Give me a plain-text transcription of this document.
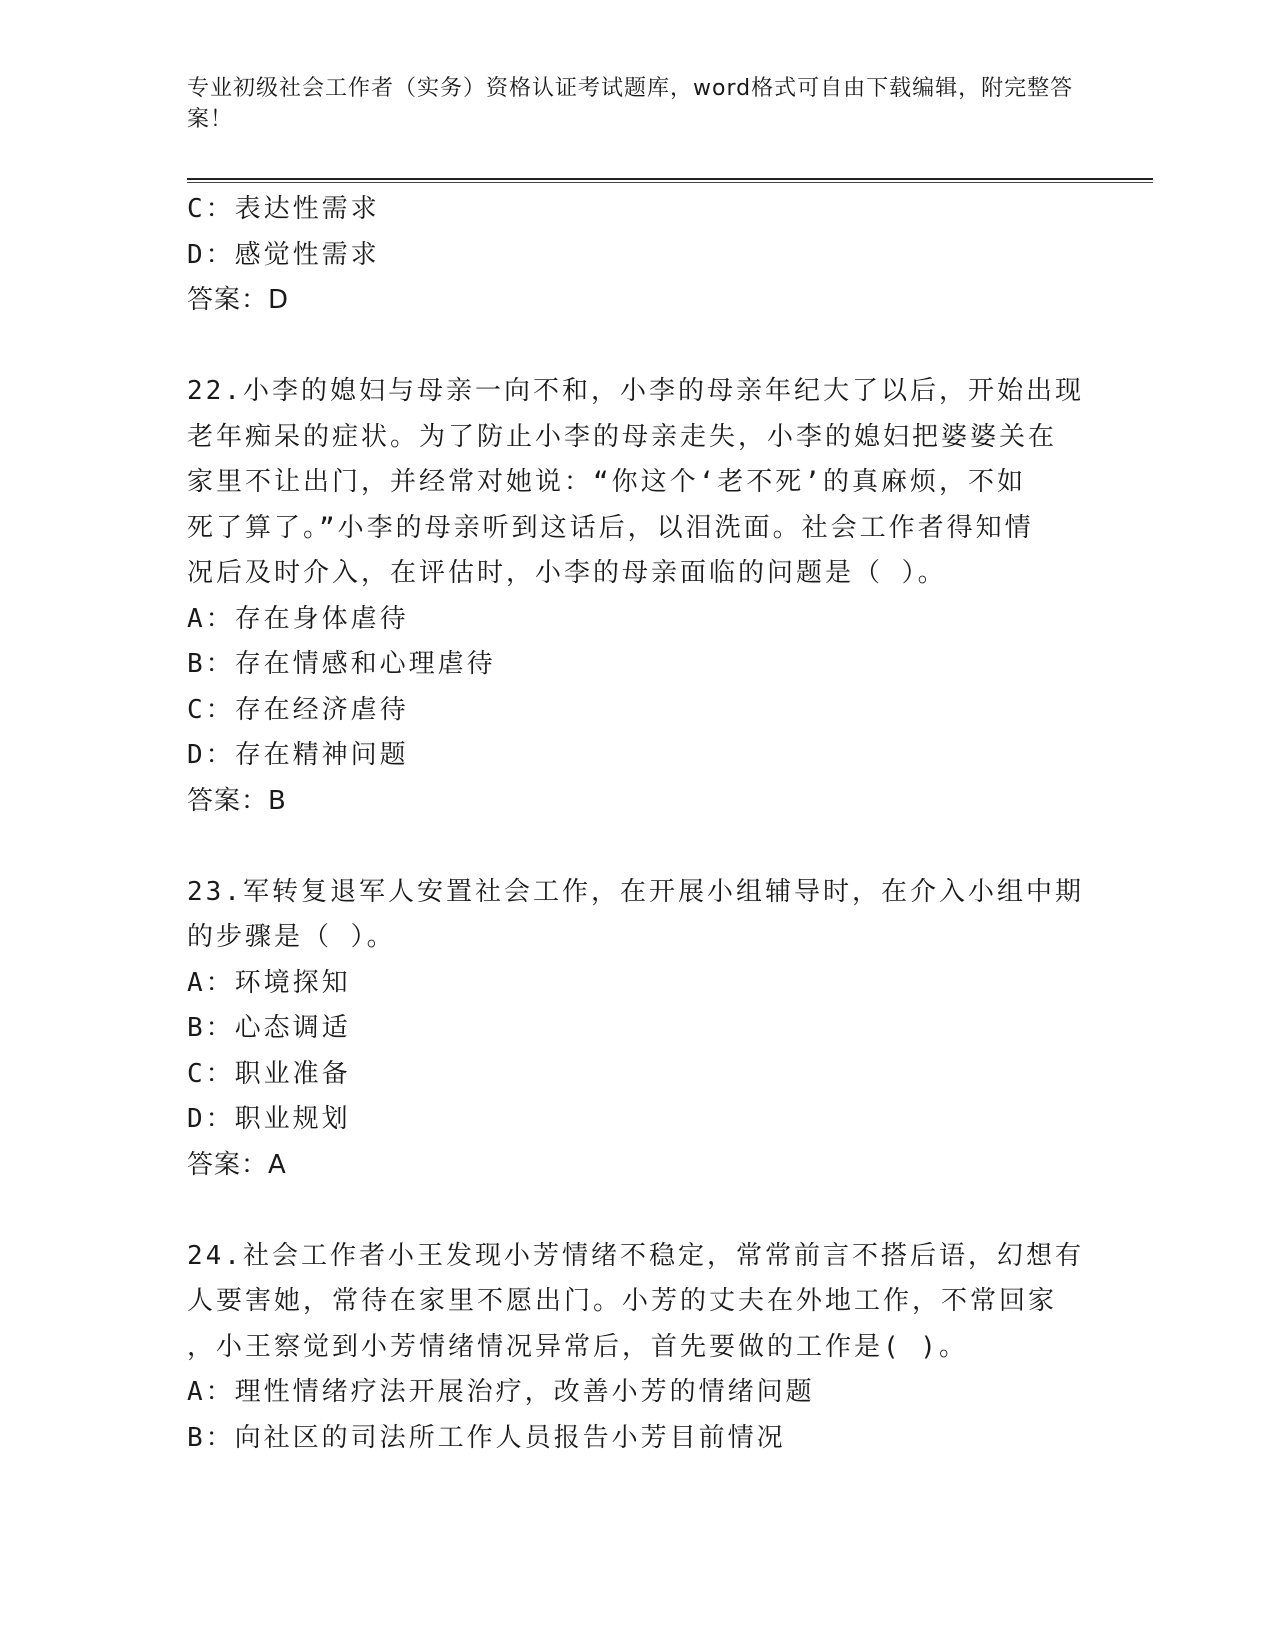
专业初级社会工作者（实务）资格认证考试题库，word格式可自由下载编辑，附完整答案！
C：表达性需求
D：感觉性需求
答案：D
22.小李的媳妇与母亲一向不和，小李的母亲年纪大了以后，开始出现
老年痴呆的症状。为了防止小李的母亲走失，小李的媳妇把婆婆关在
家里不让出门，并经常对她说：“你这个‘老不死’的真麻烦，不如
死了算了。”小李的母亲听到这话后，以泪洗面。社会工作者得知情
况后及时介入，在评估时，小李的母亲面临的问题是（ ）。
A：存在身体虐待
B：存在情感和心理虐待
C：存在经济虐待
D：存在精神问题
答案：B
23.军转复退军人安置社会工作，在开展小组辅导时，在介入小组中期
的步骤是（ ）。
A：环境探知
B：心态调适
C：职业准备
D：职业规划
答案：A
24.社会工作者小王发现小芳情绪不稳定，常常前言不搭后语，幻想有
人要害她，常待在家里不愿出门。小芳的丈夫在外地工作，不常回家
，小王察觉到小芳情绪情况异常后，首先要做的工作是( )。
A：理性情绪疗法开展治疗，改善小芳的情绪问题
B：向社区的司法所工作人员报告小芳目前情况
